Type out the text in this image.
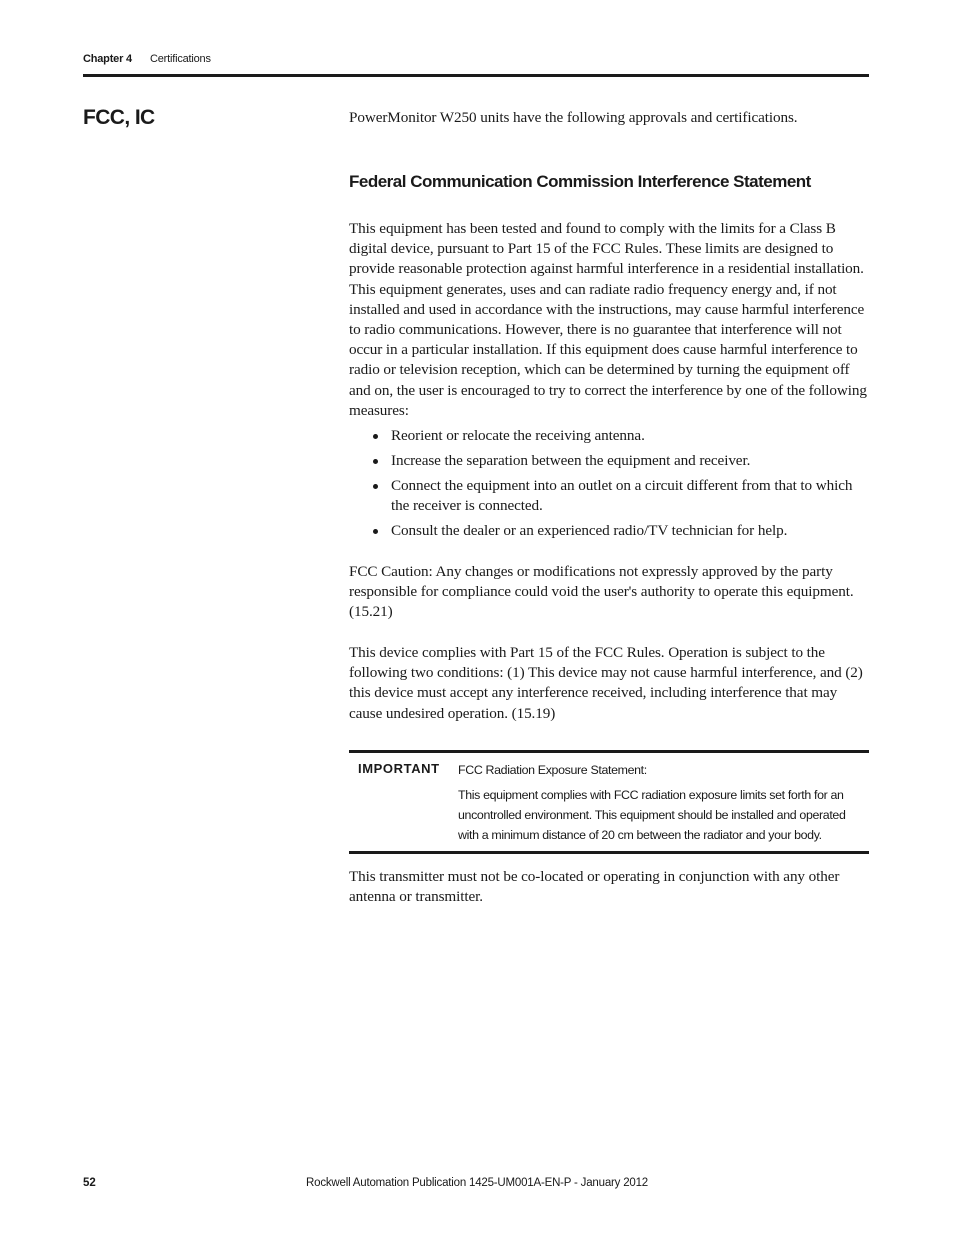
Chapter 4 Certifications
FCC, IC	PowerMonitor W250 units have the following approvals and certifications.
Federal Communication Commission Interference Statement
This equipment has been tested and found to comply with the limits for a Class B digital device, pursuant to Part 15 of the FCC Rules. These limits are designed to provide reasonable protection against harmful interference in a residential installation. This equipment generates, uses and can radiate radio frequency energy and, if not installed and used in accordance with the instructions, may cause harmful interference to radio communications. However, there is no guarantee that interference will not occur in a particular installation. If this equipment does cause harmful interference to radio or television reception, which can be determined by turning the equipment off and on, the user is encouraged to try to correct the interference by one of the following measures:
Reorient or relocate the receiving antenna.
Increase the separation between the equipment and receiver.
Connect the equipment into an outlet on a circuit different from that to which the receiver is connected.
Consult the dealer or an experienced radio/TV technician for help.
FCC Caution: Any changes or modifications not expressly approved by the party responsible for compliance could void the user's authority to operate this equipment. (15.21)
This device complies with Part 15 of the FCC Rules. Operation is subject to the following two conditions: (1) This device may not cause harmful interference, and (2) this device must accept any interference received, including interference that may cause undesired operation. (15.19)
IMPORTANT FCC Radiation Exposure Statement:
This equipment complies with FCC radiation exposure limits set forth for an uncontrolled environment. This equipment should be installed and operated with a minimum distance of 20 cm between the radiator and your body.
This transmitter must not be co-located or operating in conjunction with any other antenna or transmitter.
52	Rockwell Automation Publication 1425-UM001A-EN-P - January 2012
